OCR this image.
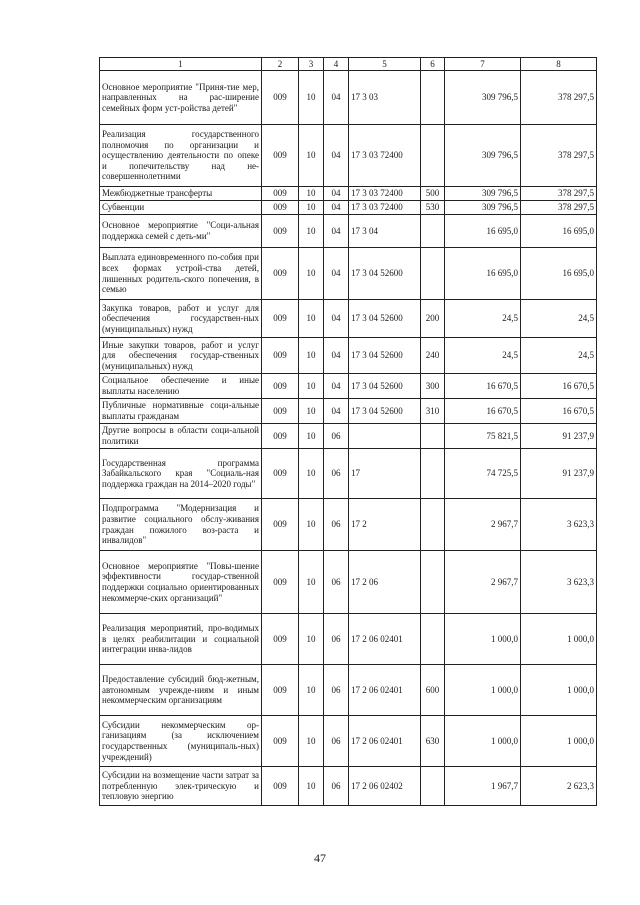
1	2	3	4	5	6	7	8
Основное мероприятие "Приня-тие мер, направленных на рас-ширение семейных форм уст-ройства детей"	009	10	04	17 3 03		309 796,5	378 297,5
Реализация государственного полномочия по организации и осуществлению деятельности по опеке и попечительству над не-совершеннолетними	009	10	04	17 3 03 72400		309 796,5	378 297,5
Межбюджетные трансферты	009	10	04	17 3 03 72400	500	309 796,5	378 297,5
Субвенции	009	10	04	17 3 03 72400	530	309 796,5	378 297,5
Основное мероприятие "Соци-альная поддержка семей с деть-ми"	009	10	04	17 3 04		16 695,0	16 695,0
Выплата единовременного по-собия при всех формах устрой-ства детей, лишенных родитель-ского попечения, в семью	009	10	04	17 3 04 52600		16 695,0	16 695,0
Закупка товаров, работ и услуг для обеспечения государствен-ных (муниципальных) нужд	009	10	04	17 3 04 52600	200	24,5	24,5
Иные закупки товаров, работ и услуг для обеспечения государ-ственных (муниципальных) нужд	009	10	04	17 3 04 52600	240	24,5	24,5
Социальное обеспечение и иные выплаты населению	009	10	04	17 3 04 52600	300	16 670,5	16 670,5
Публичные нормативные соци-альные выплаты гражданам	009	10	04	17 3 04 52600	310	16 670,5	16 670,5
Другие вопросы в области соци-альной политики	009	10	06			75 821,5	91 237,9
Государственная программа Забайкальского края "Социаль-ная поддержка граждан на 2014–2020 годы"	009	10	06	17		74 725,5	91 237,9
Подпрограмма "Модернизация и развитие социального обслу-живания граждан пожилого воз-раста и инвалидов"	009	10	06	17 2		2 967,7	3 623,3
Основное мероприятие "Повы-шение эффективности государ-ственной поддержки социально ориентированных некоммерче-ских организаций"	009	10	06	17 2 06		2 967,7	3 623,3
Реализация мероприятий, про-водимых в целях реабилитации и социальной интеграции инва-лидов	009	10	06	17 2 06 02401		1 000,0	1 000,0
Предоставление субсидий бюд-жетным, автономным учрежде-ниям и иным некоммерческим организациям	009	10	06	17 2 06 02401	600	1 000,0	1 000,0
Субсидии некоммерческим ор-ганизациям (за исключением государственных (муниципаль-ных) учреждений)	009	10	06	17 2 06 02401	630	1 000,0	1 000,0
Субсидии на возмещение части затрат за потребленную элек-трическую и тепловую энергию	009	10	06	17 2 06 02402		1 967,7	2 623,3
47
